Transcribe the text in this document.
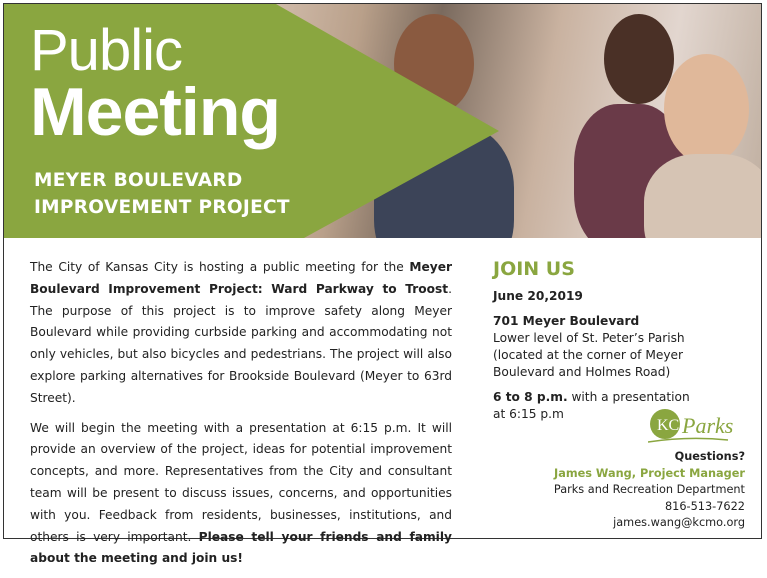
Public
Meeting
MEYER BOULEVARD
IMPROVEMENT PROJECT

The City of Kansas City is hosting a public meeting for the Meyer Boulevard Improvement Project: Ward Parkway to Troost. The purpose of this project is to improve safety along Meyer Boulevard while providing curbside parking and accommodating not only vehicles, but also bicycles and pedestrians. The project will also explore parking alternatives for Brookside Boulevard (Meyer to 63rd Street).

We will begin the meeting with a presentation at 6:15 p.m. It will provide an overview of the project, ideas for potential improvement concepts, and more. Representatives from the City and consultant team will be present to discuss issues, concerns, and opportunities with you. Feedback from residents, businesses, institutions, and others is very important. Please tell your friends and family about the meeting and join us!

JOIN US

June 20,2019

701 Meyer Boulevard
Lower level of St. Peter’s Parish
(located at the corner of Meyer
Boulevard and Holmes Road)

6 to 8 p.m. with a presentation
at 6:15 p.m

KC Parks
Questions?
James Wang, Project Manager
Parks and Recreation Department
816-513-7622
james.wang@kcmo.org
